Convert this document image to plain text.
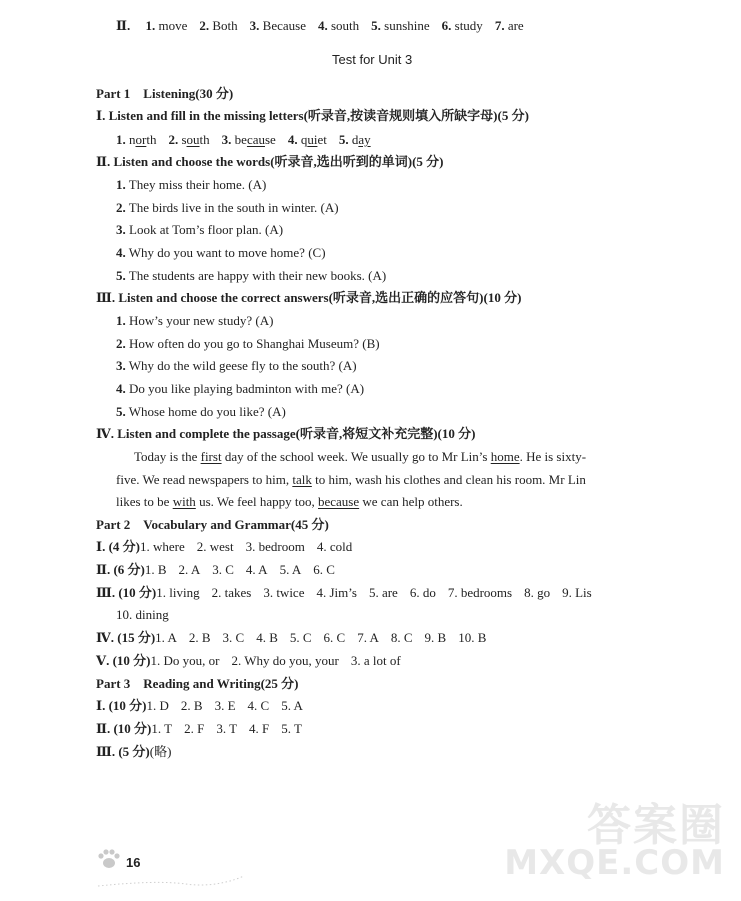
Ⅱ. 1. move 2. Both 3. Because 4. south 5. sunshine 6. study 7. are
Test for Unit 3
Part 1　Listening(30 分)
Ⅰ. Listen and fill in the missing letters(听录音,按读音规则填入所缺字母)(5 分)
1. north 2. south 3. because 4. quiet 5. day
Ⅱ. Listen and choose the words(听录音,选出听到的单词)(5 分)
1. They miss their home. (A)
2. The birds live in the south in winter. (A)
3. Look at Tom’s floor plan. (A)
4. Why do you want to move home? (C)
5. The students are happy with their new books. (A)
Ⅲ. Listen and choose the correct answers(听录音,选出正确的应答句)(10 分)
1. How’s your new study? (A)
2. How often do you go to Shanghai Museum? (B)
3. Why do the wild geese fly to the south? (A)
4. Do you like playing badminton with me? (A)
5. Whose home do you like? (A)
Ⅳ. Listen and complete the passage(听录音,将短文补充完整)(10 分)
Today is the first day of the school week. We usually go to Mr Lin’s home. He is sixty-
five. We read newspapers to him, talk to him, wash his clothes and clean his room. Mr Lin
likes to be with us. We feel happy too, because we can help others.
Part 2　Vocabulary and Grammar(45 分)
Ⅰ. (4 分)1. where 2. west 3. bedroom 4. cold
Ⅱ. (6 分)1. B 2. A 3. C 4. A 5. A 6. C
Ⅲ. (10 分)1. living 2. takes 3. twice 4. Jim’s 5. are 6. do 7. bedrooms 8. go 9. Lis
10. dining
Ⅳ. (15 分)1. A 2. B 3. C 4. B 5. C 6. C 7. A 8. C 9. B 10. B
Ⅴ. (10 分)1. Do you, or 2. Why do you, your 3. a lot of
Part 3　Reading and Writing(25 分)
Ⅰ. (10 分)1. D 2. B 3. E 4. C 5. A
Ⅱ. (10 分)1. T 2. F 3. T 4. F 5. T
Ⅲ. (5 分)(略)
16
答案圈
MXQE.COM
